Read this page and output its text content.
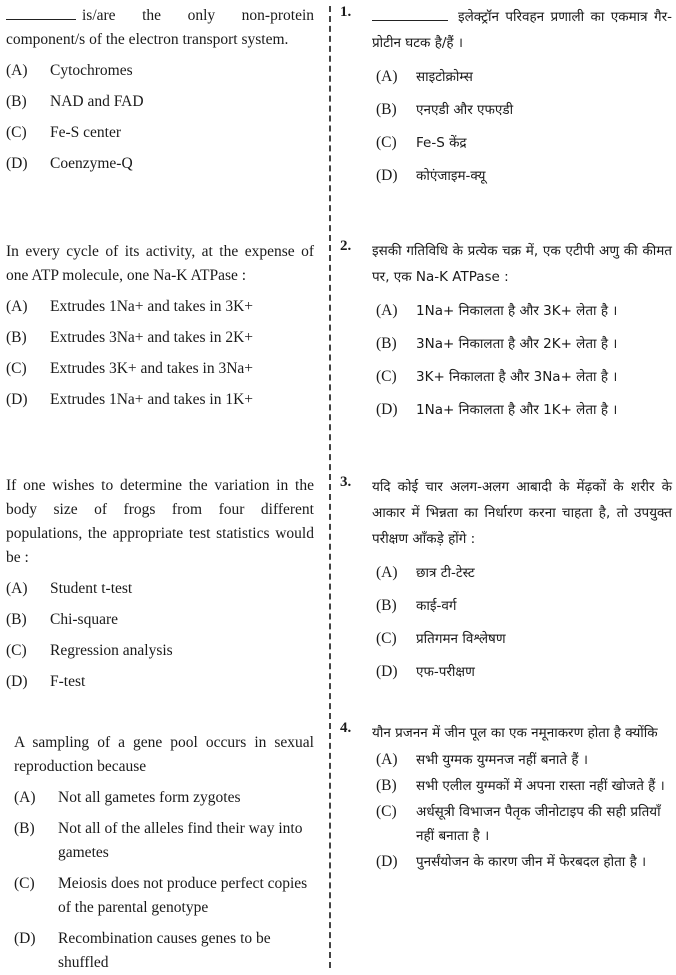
is/are the only non-protein component/s of the electron transport system.
(A)	Cytochromes
(B)	NAD and FAD
(C)	Fe-S center
(D)	Coenzyme-Q
In every cycle of its activity, at the expense of one ATP molecule, one Na-K ATPase :
(A)	Extrudes 1Na+ and takes in 3K+
(B)	Extrudes 3Na+ and takes in 2K+
(C)	Extrudes 3K+ and takes in 3Na+
(D)	Extrudes 1Na+ and takes in 1K+
If one wishes to determine the variation in the body size of frogs from four different populations, the appropriate test statistics would be :
(A)	Student t-test
(B)	Chi-square
(C)	Regression analysis
(D)	F-test
A sampling of a gene pool occurs in sexual reproduction because
(A)	Not all gametes form zygotes
(B)	Not all of the alleles find their way into gametes
(C)	Meiosis does not produce perfect copies of the parental genotype
(D)	Recombination causes genes to be shuffled
1.	इलेक्ट्रॉन परिवहन प्रणाली का एकमात्र गैर-प्रोटीन घटक है/हैं ।
(A)	साइटोक्रोम्स
(B)	एनएडी और एफएडी
(C)	Fe-S केंद्र
(D)	कोएंजाइम-क्यू
2. इसकी गतिविधि के प्रत्येक चक्र में, एक एटीपी अणु की कीमत पर, एक Na-K ATPase :
(A)	1Na+ निकालता है और 3K+ लेता है ।
(B)	3Na+ निकालता है और 2K+ लेता है ।
(C)	3K+ निकालता है और 3Na+ लेता है ।
(D)	1Na+ निकालता है और 1K+ लेता है ।
3. यदि कोई चार अलग-अलग आबादी के मेंढ़कों के शरीर के आकार में भिन्नता का निर्धारण करना चाहता है, तो उपयुक्त परीक्षण आँकड़े होंगे :
(A)	छात्र टी-टेस्ट
(B)	काई-वर्ग
(C)	प्रतिगमन विश्लेषण
(D)	एफ-परीक्षण
4. यौन प्रजनन में जीन पूल का एक नमूनाकरण होता है क्योंकि
(A)	सभी युग्मक युग्मनज नहीं बनाते हैं ।
(B)	सभी एलील युग्मकों में अपना रास्ता नहीं खोजते हैं ।
(C)	अर्धसूत्री विभाजन पैतृक जीनोटाइप की सही प्रतियाँ नहीं बनाता है ।
(D)	पुनर्संयोजन के कारण जीन में फेरबदल होता है ।
